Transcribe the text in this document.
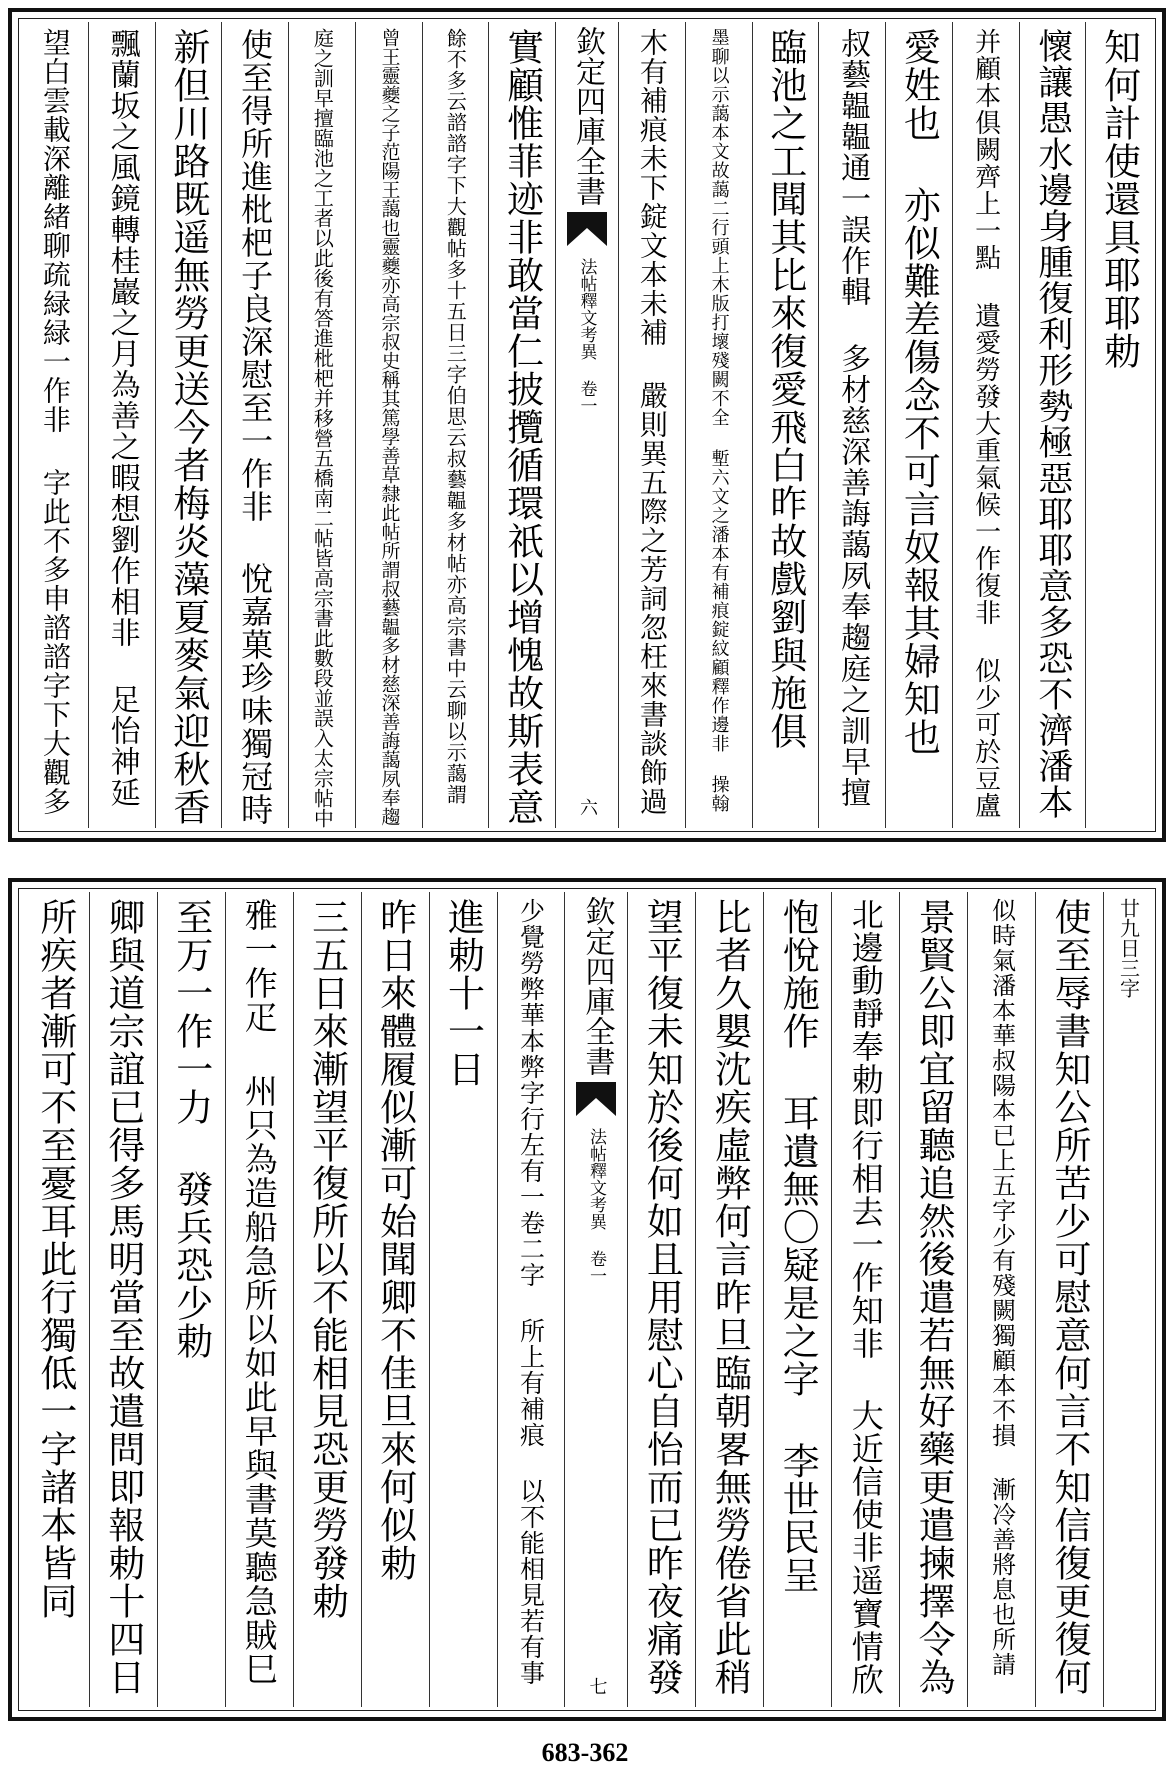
知何計使還具耶耶勅
懷讓愚水邊身腫復利形勢極惡耶耶意多恐不濟潘本
并顧本俱闕齊上一點 遺愛勞發大重氣候一作復非 似少可於豆盧
愛姓也 亦似難差傷念不可言奴報其婦知也
叔藝韞韞通一誤作輯 多材慈深善誨藹夙奉趨庭之訓早擅
臨池之工聞其比來復愛飛白昨故戲劉與施俱
墨聊以示藹本文故藹二行頭上木版打壞殘闕不全 塹六文之潘本有補痕錠紋顧釋作邊非 操翰
木有補痕未下錠文本未補 嚴則異五際之芳詞忽枉來書談飾過
欽定四庫全書
法帖釋文考異 卷一
六
實顧惟菲迹非敢當仁披攬循環祇以增愧故斯表意
餘不多云諮諮字下大觀帖多十五日三字伯思云叔藝韞多材帖亦高宗書中云聊以示藹謂
曾王靈夔之子范陽王藹也靈夔亦高宗叔史稱其篤學善草隸此帖所謂叔藝韞多材慈深善誨藹夙奉趨
庭之訓早擅臨池之工者以此後有答進枇杷并移營五橋南二帖皆高宗書此數段並誤入太宗帖中
使至得所進枇杷子良深慰至一作非 悅嘉菓珍味獨冠時
新但川路既遥無勞更送今者梅炎藻夏麥氣迎秋香
飄蘭坂之風鏡轉桂巖之月為善之暇想劉作相非 足怡神延
望白雲載深離緒聊疏緑緑一作非 字此不多申諮諮字下大觀多
廿九日三字
使至辱書知公所苦少可慰意何言不知信復更復何
似時氣潘本華叔陽本已上五字少有殘闕獨顧本不損 漸冷善將息也所請
景賢公即宜留聽追然後遣若無好藥更遣揀擇令為
北邊動靜奉勅即行相去一作知非 大近信使非遥寶情欣
怉悅施作 耳遺無〇疑是之字 李世民呈
比者久嬰沈疾虛弊何言昨旦臨朝畧無勞倦省此稍
望平復未知於後何如且用慰心自怡而已昨夜痛發
欽定四庫全書
法帖釋文考異 卷一
七
少覺勞弊華本弊字行左有一卷二字 所上有補痕 以不能相見若有事
進勅十一日
昨日來體履似漸可始聞卿不佳旦來何似勅
三五日來漸望平復所以不能相見恐更勞發勅
雅一作疋 州只為造船急所以如此早與書莫聽急賊巳
至万一作一力 發兵恐少勅
卿與道宗誼已得多馬明當至故遣問即報勅十四日
所疾者漸可不至憂耳此行獨低一字諸本皆同
683-362
